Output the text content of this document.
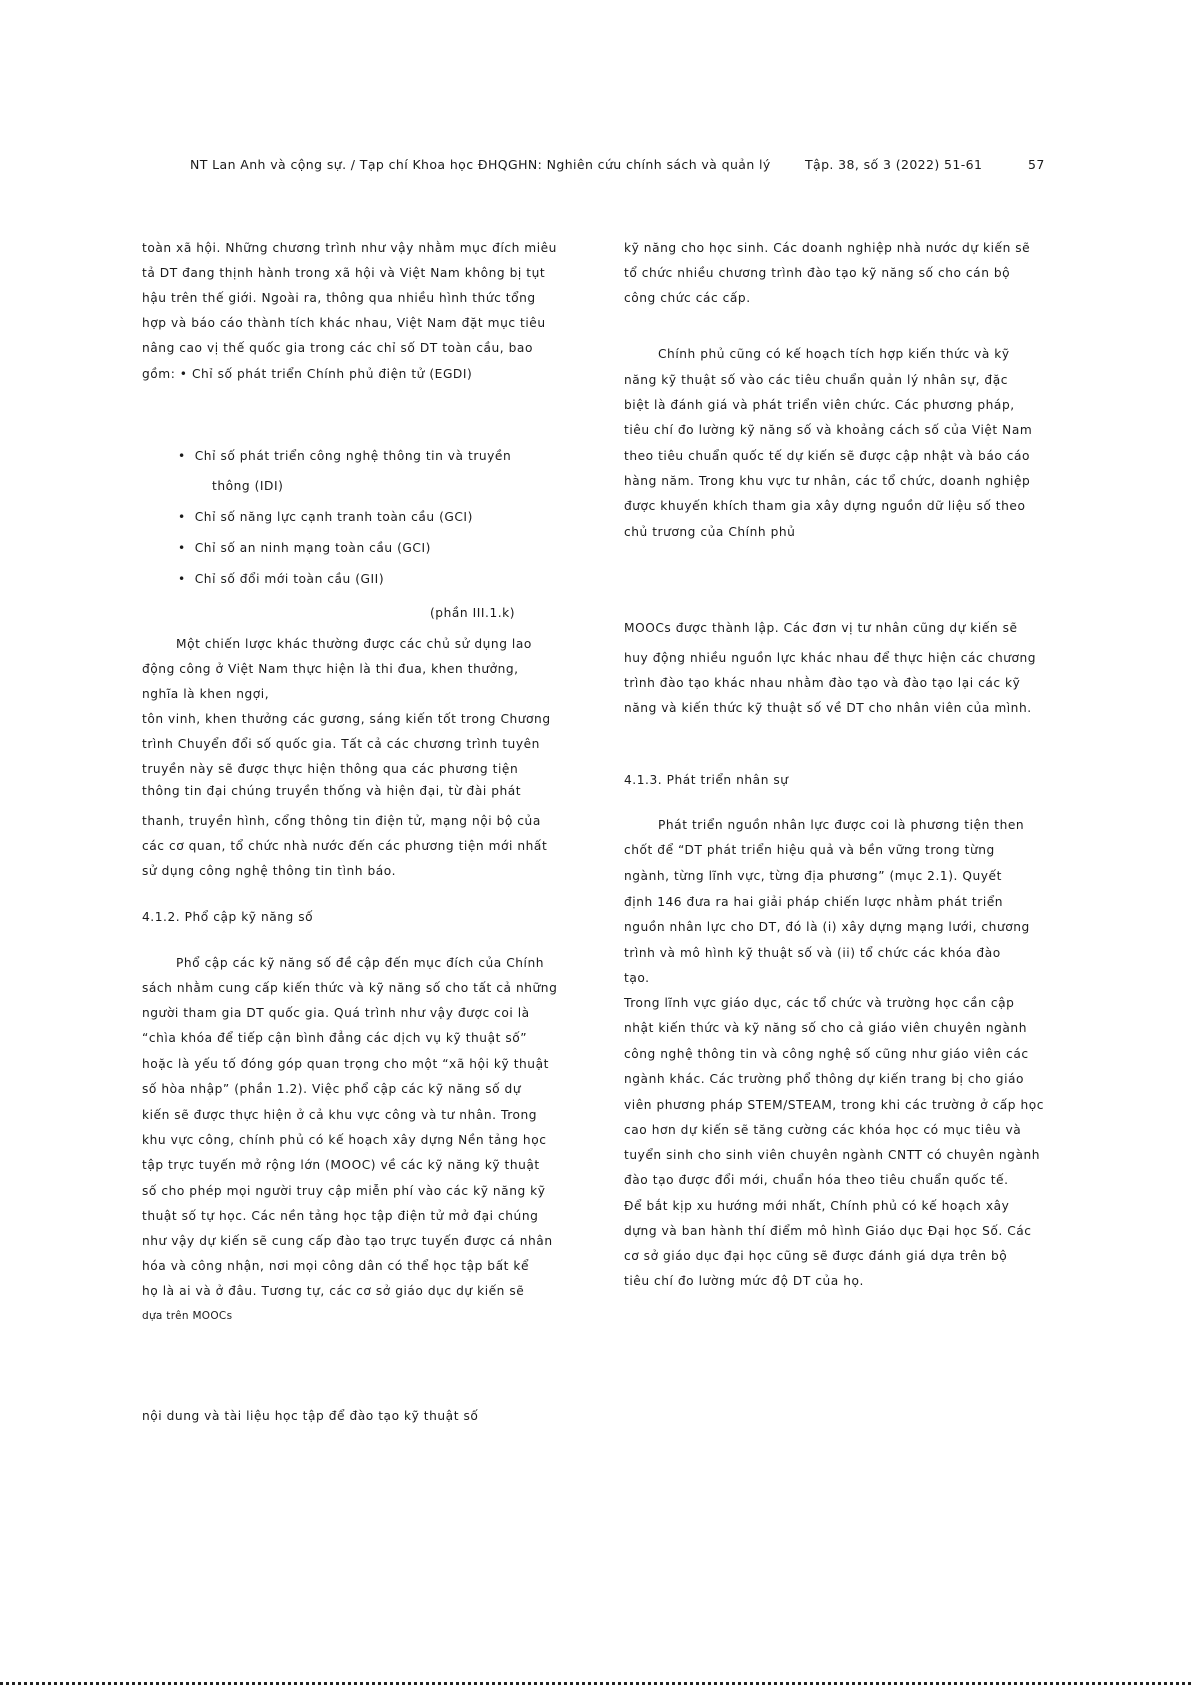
NT Lan Anh và cộng sự. / Tạp chí Khoa học ĐHQGHN: Nghiên cứu chính sách và quản lý	Tập. 38, số 3 (2022) 51-61	57
toàn xã hội. Những chương trình như vậy nhằm mục đích miêu
tả DT đang thịnh hành trong xã hội và Việt Nam không bị tụt
hậu trên thế giới. Ngoài ra, thông qua nhiều hình thức tổng
hợp và báo cáo thành tích khác nhau, Việt Nam đặt mục tiêu
nâng cao vị thế quốc gia trong các chỉ số DT toàn cầu, bao
gồm: • Chỉ số phát triển Chính phủ điện tử (EGDI)
• Chỉ số phát triển công nghệ thông tin và truyền
thông (IDI)
• Chỉ số năng lực cạnh tranh toàn cầu (GCI)
• Chỉ số an ninh mạng toàn cầu (GCI)
• Chỉ số đổi mới toàn cầu (GII)
(phần III.1.k)
Một chiến lược khác thường được các chủ sử dụng lao
động công ở Việt Nam thực hiện là thi đua, khen thưởng,
nghĩa là khen ngợi,
tôn vinh, khen thưởng các gương, sáng kiến tốt trong Chương
trình Chuyển đổi số quốc gia. Tất cả các chương trình tuyên
truyền này sẽ được thực hiện thông qua các phương tiện
thông tin đại chúng truyền thống và hiện đại, từ đài phát
thanh, truyền hình, cổng thông tin điện tử, mạng nội bộ của
các cơ quan, tổ chức nhà nước đến các phương tiện mới nhất
sử dụng công nghệ thông tin tình báo.
4.1.2. Phổ cập kỹ năng số
Phổ cập các kỹ năng số đề cập đến mục đích của Chính
sách nhằm cung cấp kiến thức và kỹ năng số cho tất cả những
người tham gia DT quốc gia. Quá trình như vậy được coi là
“chìa khóa để tiếp cận bình đẳng các dịch vụ kỹ thuật số”
hoặc là yếu tố đóng góp quan trọng cho một “xã hội kỹ thuật
số hòa nhập” (phần 1.2). Việc phổ cập các kỹ năng số dự
kiến sẽ được thực hiện ở cả khu vực công và tư nhân. Trong
khu vực công, chính phủ có kế hoạch xây dựng Nền tảng học
tập trực tuyến mở rộng lớn (MOOC) về các kỹ năng kỹ thuật
số cho phép mọi người truy cập miễn phí vào các kỹ năng kỹ
thuật số tự học. Các nền tảng học tập điện tử mở đại chúng
như vậy dự kiến sẽ cung cấp đào tạo trực tuyến được cá nhân
hóa và công nhận, nơi mọi công dân có thể học tập bất kể
họ là ai và ở đâu. Tương tự, các cơ sở giáo dục dự kiến sẽ
dựa trên MOOCs
nội dung và tài liệu học tập để đào tạo kỹ thuật số
kỹ năng cho học sinh. Các doanh nghiệp nhà nước dự kiến sẽ
tổ chức nhiều chương trình đào tạo kỹ năng số cho cán bộ
công chức các cấp.
Chính phủ cũng có kế hoạch tích hợp kiến thức và kỹ
năng kỹ thuật số vào các tiêu chuẩn quản lý nhân sự, đặc
biệt là đánh giá và phát triển viên chức. Các phương pháp,
tiêu chí đo lường kỹ năng số và khoảng cách số của Việt Nam
theo tiêu chuẩn quốc tế dự kiến sẽ được cập nhật và báo cáo
hàng năm. Trong khu vực tư nhân, các tổ chức, doanh nghiệp
được khuyến khích tham gia xây dựng nguồn dữ liệu số theo
chủ trương của Chính phủ
MOOCs được thành lập. Các đơn vị tư nhân cũng dự kiến sẽ
huy động nhiều nguồn lực khác nhau để thực hiện các chương
trình đào tạo khác nhau nhằm đào tạo và đào tạo lại các kỹ
năng và kiến thức kỹ thuật số về DT cho nhân viên của mình.
4.1.3. Phát triển nhân sự
Phát triển nguồn nhân lực được coi là phương tiện then
chốt để “DT phát triển hiệu quả và bền vững trong từng
ngành, từng lĩnh vực, từng địa phương” (mục 2.1). Quyết
định 146 đưa ra hai giải pháp chiến lược nhằm phát triển
nguồn nhân lực cho DT, đó là (i) xây dựng mạng lưới, chương
trình và mô hình kỹ thuật số và (ii) tổ chức các khóa đào
tạo.
Trong lĩnh vực giáo dục, các tổ chức và trường học cần cập
nhật kiến thức và kỹ năng số cho cả giáo viên chuyên ngành
công nghệ thông tin và công nghệ số cũng như giáo viên các
ngành khác. Các trường phổ thông dự kiến trang bị cho giáo
viên phương pháp STEM/STEAM, trong khi các trường ở cấp học
cao hơn dự kiến sẽ tăng cường các khóa học có mục tiêu và
tuyển sinh cho sinh viên chuyên ngành CNTT có chuyên ngành
đào tạo được đổi mới, chuẩn hóa theo tiêu chuẩn quốc tế.
Để bắt kịp xu hướng mới nhất, Chính phủ có kế hoạch xây
dựng và ban hành thí điểm mô hình Giáo dục Đại học Số. Các
cơ sở giáo dục đại học cũng sẽ được đánh giá dựa trên bộ
tiêu chí đo lường mức độ DT của họ.
